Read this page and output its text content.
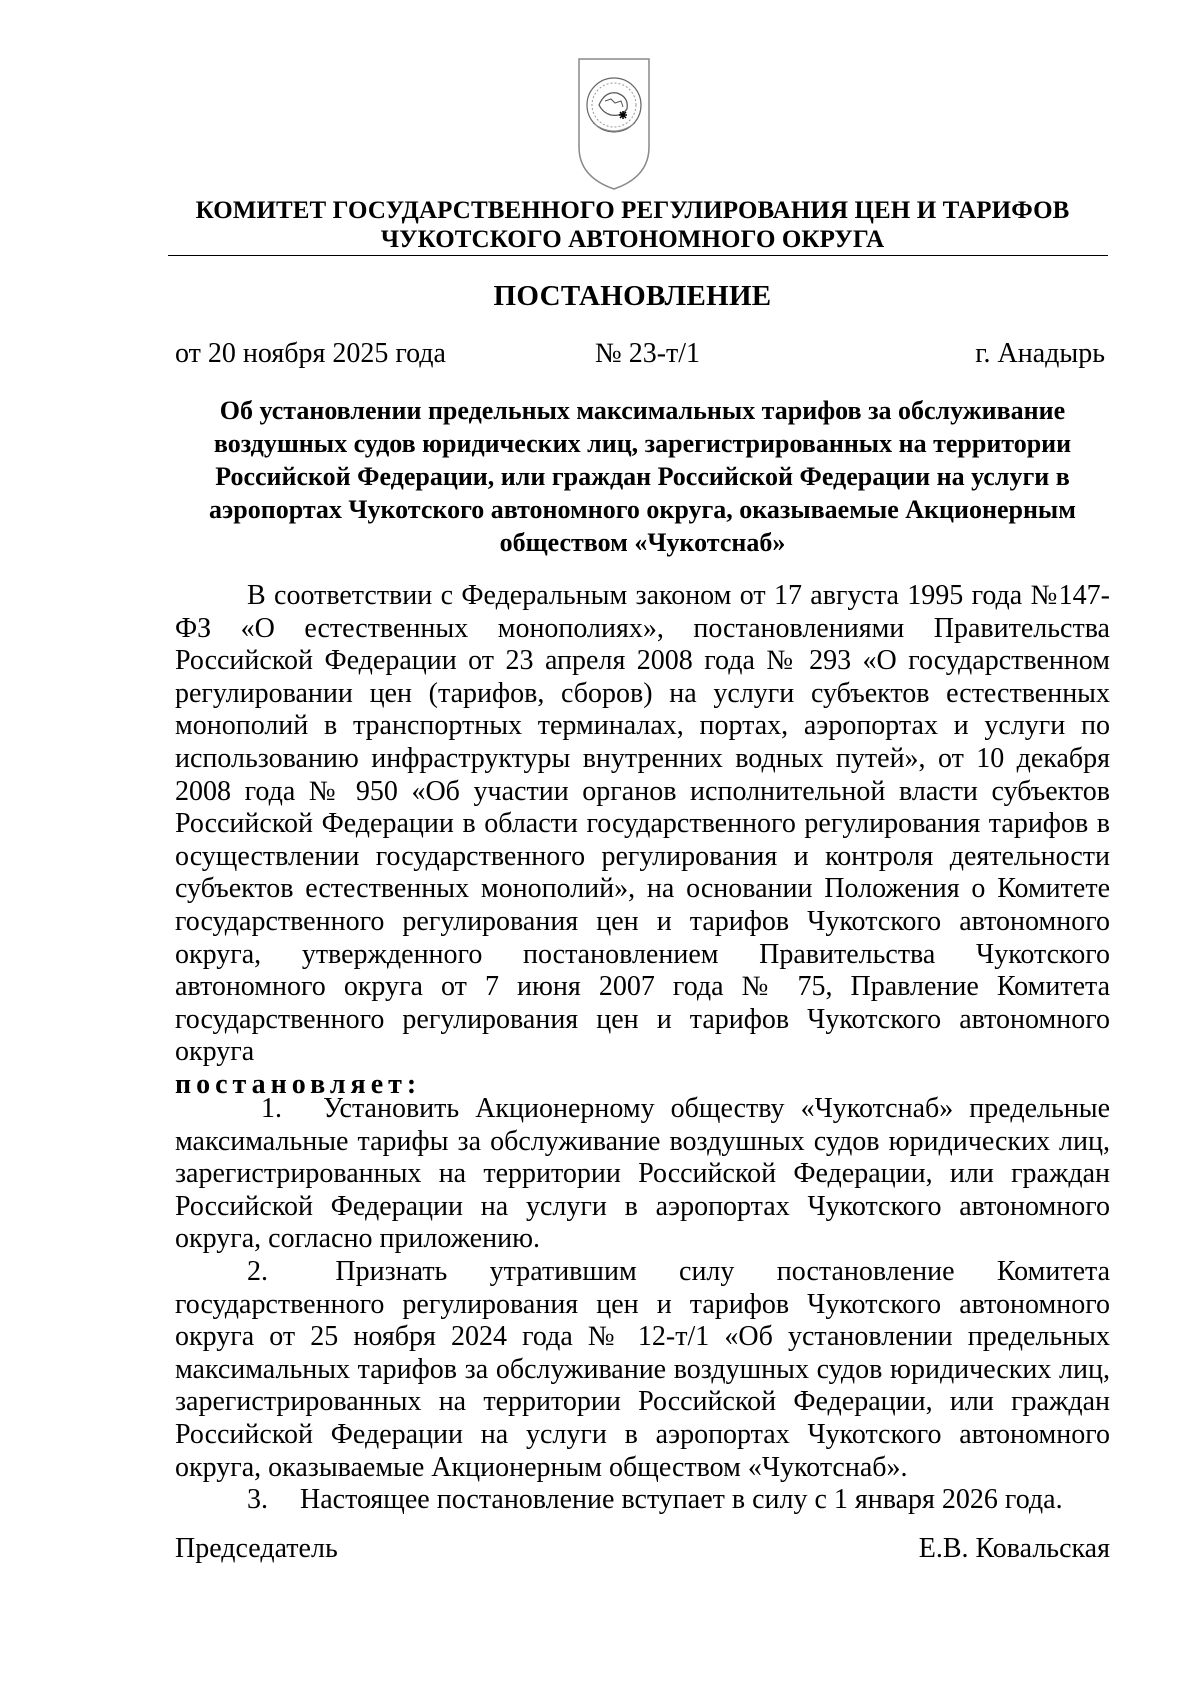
КОМИТЕТ ГОСУДАРСТВЕННОГО РЕГУЛИРОВАНИЯ ЦЕН И ТАРИФОВ
ЧУКОТСКОГО АВТОНОМНОГО ОКРУГА
ПОСТАНОВЛЕНИЕ
от 20 ноября 2025 года	№ 23-т/1	г. Анадырь
Об установлении предельных максимальных тарифов за обслуживание воздушных судов юридических лиц, зарегистрированных на территории Российской Федерации, или граждан Российской Федерации на услуги в аэропортах Чукотского автономного округа, оказываемые Акционерным обществом «Чукотснаб»

В соответствии с Федеральным законом от 17 августа 1995 года №147-ФЗ «О естественных монополиях», постановлениями Правительства Российской Федерации от 23 апреля 2008 года № 293 «О государственном регулировании цен (тарифов, сборов) на услуги субъектов естественных монополий в транспортных терминалах, портах, аэропортах и услуги по использованию инфраструктуры внутренних водных путей», от 10 декабря 2008 года № 950 «Об участии органов исполнительной власти субъектов Российской Федерации в области государственного регулирования тарифов в осуществлении государственного регулирования и контроля деятельности субъектов естественных монополий», на основании Положения о Комитете государственного регулирования цен и тарифов Чукотского автономного округа, утвержденного постановлением Правительства Чукотского автономного округа от 7 июня 2007 года № 75, Правление Комитета государственного регулирования цен и тарифов Чукотского автономного округа

постановляет:

1. Установить Акционерному обществу «Чукотснаб» предельные максимальные тарифы за обслуживание воздушных судов юридических лиц, зарегистрированных на территории Российской Федерации, или граждан Российской Федерации на услуги в аэропортах Чукотского автономного округа, согласно приложению.

2. Признать утратившим силу постановление Комитета государственного регулирования цен и тарифов Чукотского автономного округа от 25 ноября 2024 года № 12-т/1 «Об установлении предельных максимальных тарифов за обслуживание воздушных судов юридических лиц, зарегистрированных на территории Российской Федерации, или граждан Российской Федерации на услуги в аэропортах Чукотского автономного округа, оказываемые Акционерным обществом «Чукотснаб».

3. Настоящее постановление вступает в силу с 1 января 2026 года.

Председатель	Е.В. Ковальская
